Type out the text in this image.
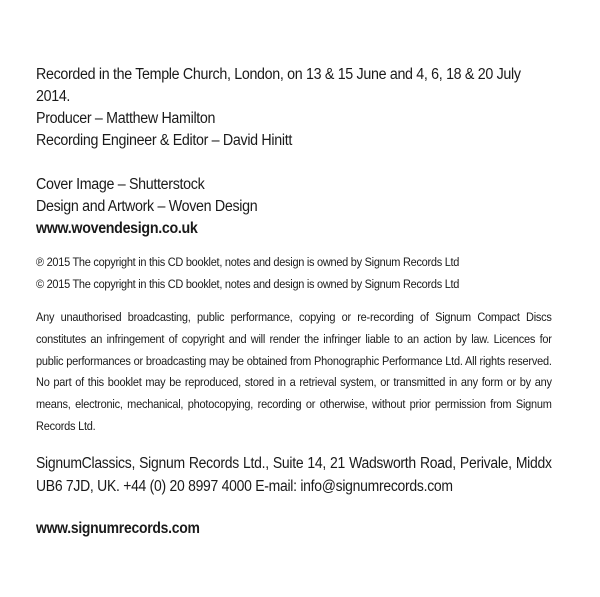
Recorded in the Temple Church, London, on 13 & 15 June and 4, 6, 18 & 20 July 2014.

Producer – Matthew Hamilton

Recording Engineer & Editor – David Hinitt

Cover Image – Shutterstock

Design and Artwork – Woven Design

www.wovendesign.co.uk

℗ 2015 The copyright in this CD booklet, notes and design is owned by Signum Records Ltd

© 2015 The copyright in this CD booklet, notes and design is owned by Signum Records Ltd

Any unauthorised broadcasting, public performance, copying or re-recording of Signum Compact Discs constitutes an infringement of copyright and will render the infringer liable to an action by law. Licences for public performances or broadcasting may be obtained from Phonographic Performance Ltd. All rights reserved. No part of this booklet may be reproduced, stored in a retrieval system, or transmitted in any form or by any means, electronic, mechanical, photocopying, recording or otherwise, without prior permission from Signum Records Ltd.

SignumClassics, Signum Records Ltd., Suite 14, 21 Wadsworth Road, Perivale, Middx UB6 7JD, UK. +44 (0) 20 8997 4000 E-mail: info@signumrecords.com

www.signumrecords.com
